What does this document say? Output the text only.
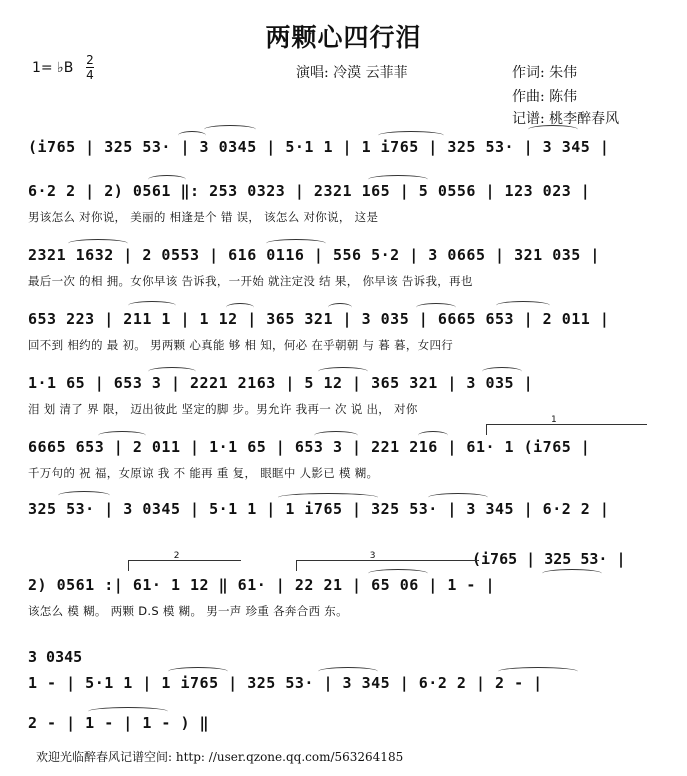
两颗心四行泪
1= ♭B 2
4	演唱: 冷漠 云菲菲	作词: 朱伟
作曲: 陈伟
记谱: 桃李醉春风
(i765 | 325 53· | 3 0345 | 5·1 1 | 1 i765 | 325 53· | 3 345 |
6·2 2 | 2) 0561 ‖: 253 0323 | 2321 165 | 5 0556 | 123 023 |
男该怎么 对你说， 美丽的 相逢是个 错 误， 该怎么 对你说， 这是
2321 1632 | 2 0553 | 616 0116 | 556 5·2 | 3 0665 | 321 035 |
最后一次 的相 拥。女你早该 告诉我，一开始 就注定没 结 果， 你早该 告诉我，再也
653 223 | 211 1 | 1 12 | 365 321 | 3 035 | 6665 653 | 2 011 |
回不到 相约的 最 初。 男两颗 心真能 够 相 知，何必 在乎朝朝 与 暮 暮，女四行
1·1 65 | 653 3 | 2221 2163 | 5 12 | 365 321 | 3 035 |
泪 划 清了 界 限， 迈出彼此 坚定的脚 步。男允许 我再一 次 说 出， 对你
1
6665 653 | 2 011 | 1·1 65 | 653 3 | 221 216 | 61· 1 (i765 |
千万句的 祝 福，女原谅 我 不 能再 重 复， 眼眶中 人影已 模 糊。
325 53· | 3 0345 | 5·1 1 | 1 i765 | 325 53· | 3 345 | 6·2 2 |
(i765 | 325 53· |
2	3
2) 0561 :| 61· 1 12 ‖ 61· | 22 21 | 65 06 | 1 - |
该怎么 模 糊。 两颗 D.S 模 糊。 男一声 珍重 各奔合西 东。
3 0345
1 - | 5·1 1 | 1 i765 | 325 53· | 3 345 | 6·2 2 | 2 - |
2 - | 1 - | 1 - ) ‖
欢迎光临醉春风记谱空间: http: //user.qzone.qq.com/563264185
